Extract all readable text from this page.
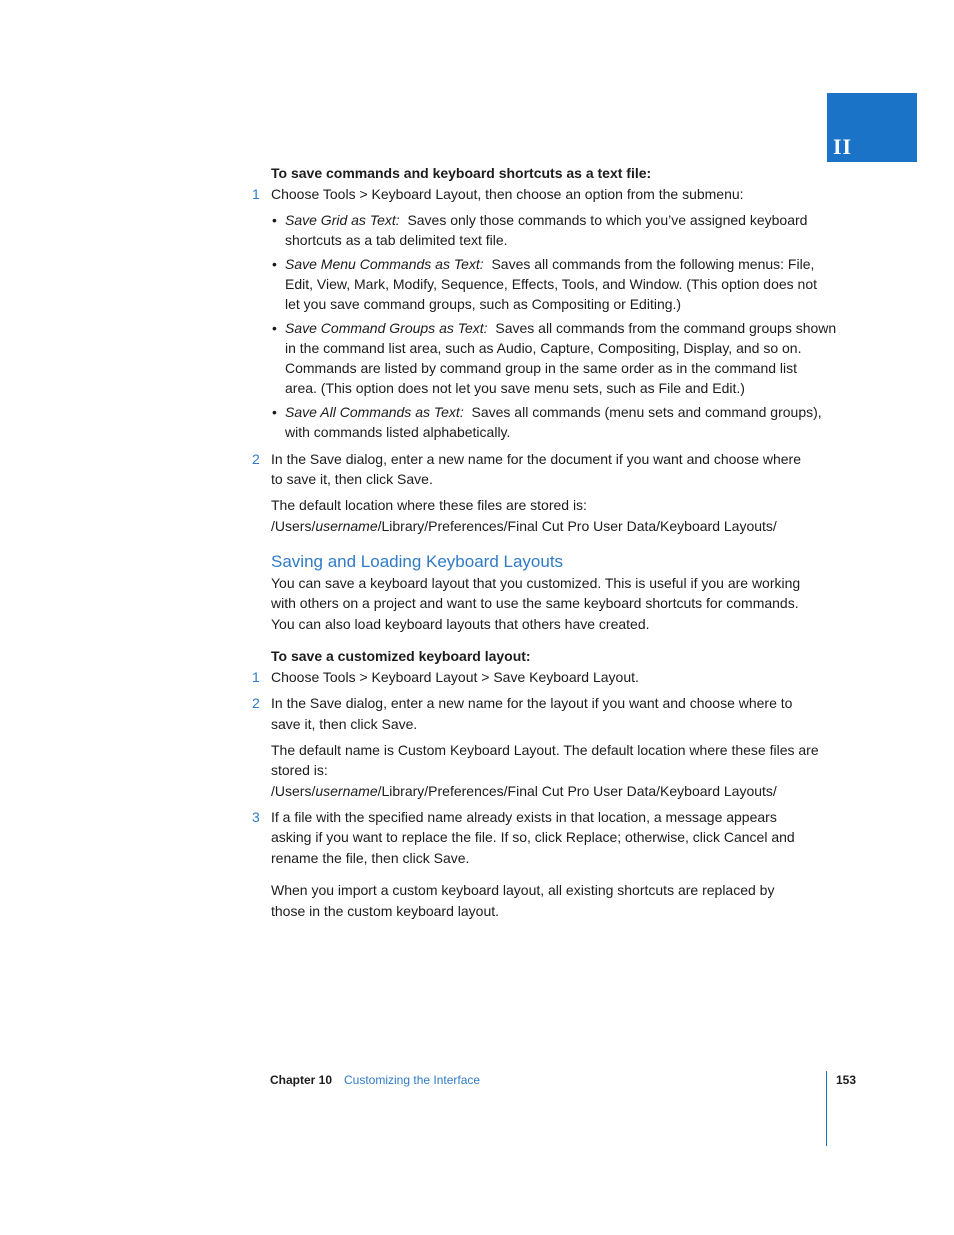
II
To save commands and keyboard shortcuts as a text file:
1 Choose Tools > Keyboard Layout, then choose an option from the submenu:
• Save Grid as Text: Saves only those commands to which you’ve assigned keyboard
shortcuts as a tab delimited text file.
• Save Menu Commands as Text: Saves all commands from the following menus: File,
Edit, View, Mark, Modify, Sequence, Effects, Tools, and Window. (This option does not
let you save command groups, such as Compositing or Editing.)
• Save Command Groups as Text: Saves all commands from the command groups shown
in the command list area, such as Audio, Capture, Compositing, Display, and so on.
Commands are listed by command group in the same order as in the command list
area. (This option does not let you save menu sets, such as File and Edit.)
• Save All Commands as Text: Saves all commands (menu sets and command groups),
with commands listed alphabetically.
2 In the Save dialog, enter a new name for the document if you want and choose where
to save it, then click Save.
The default location where these files are stored is:
/Users/username/Library/Preferences/Final Cut Pro User Data/Keyboard Layouts/
Saving and Loading Keyboard Layouts
You can save a keyboard layout that you customized. This is useful if you are working
with others on a project and want to use the same keyboard shortcuts for commands.
You can also load keyboard layouts that others have created.
To save a customized keyboard layout:
1 Choose Tools > Keyboard Layout > Save Keyboard Layout.
2 In the Save dialog, enter a new name for the layout if you want and choose where to
save it, then click Save.
The default name is Custom Keyboard Layout. The default location where these files are
stored is:
/Users/username/Library/Preferences/Final Cut Pro User Data/Keyboard Layouts/
3 If a file with the specified name already exists in that location, a message appears
asking if you want to replace the file. If so, click Replace; otherwise, click Cancel and
rename the file, then click Save.
When you import a custom keyboard layout, all existing shortcuts are replaced by
those in the custom keyboard layout.
Chapter 10 Customizing the Interface	153
